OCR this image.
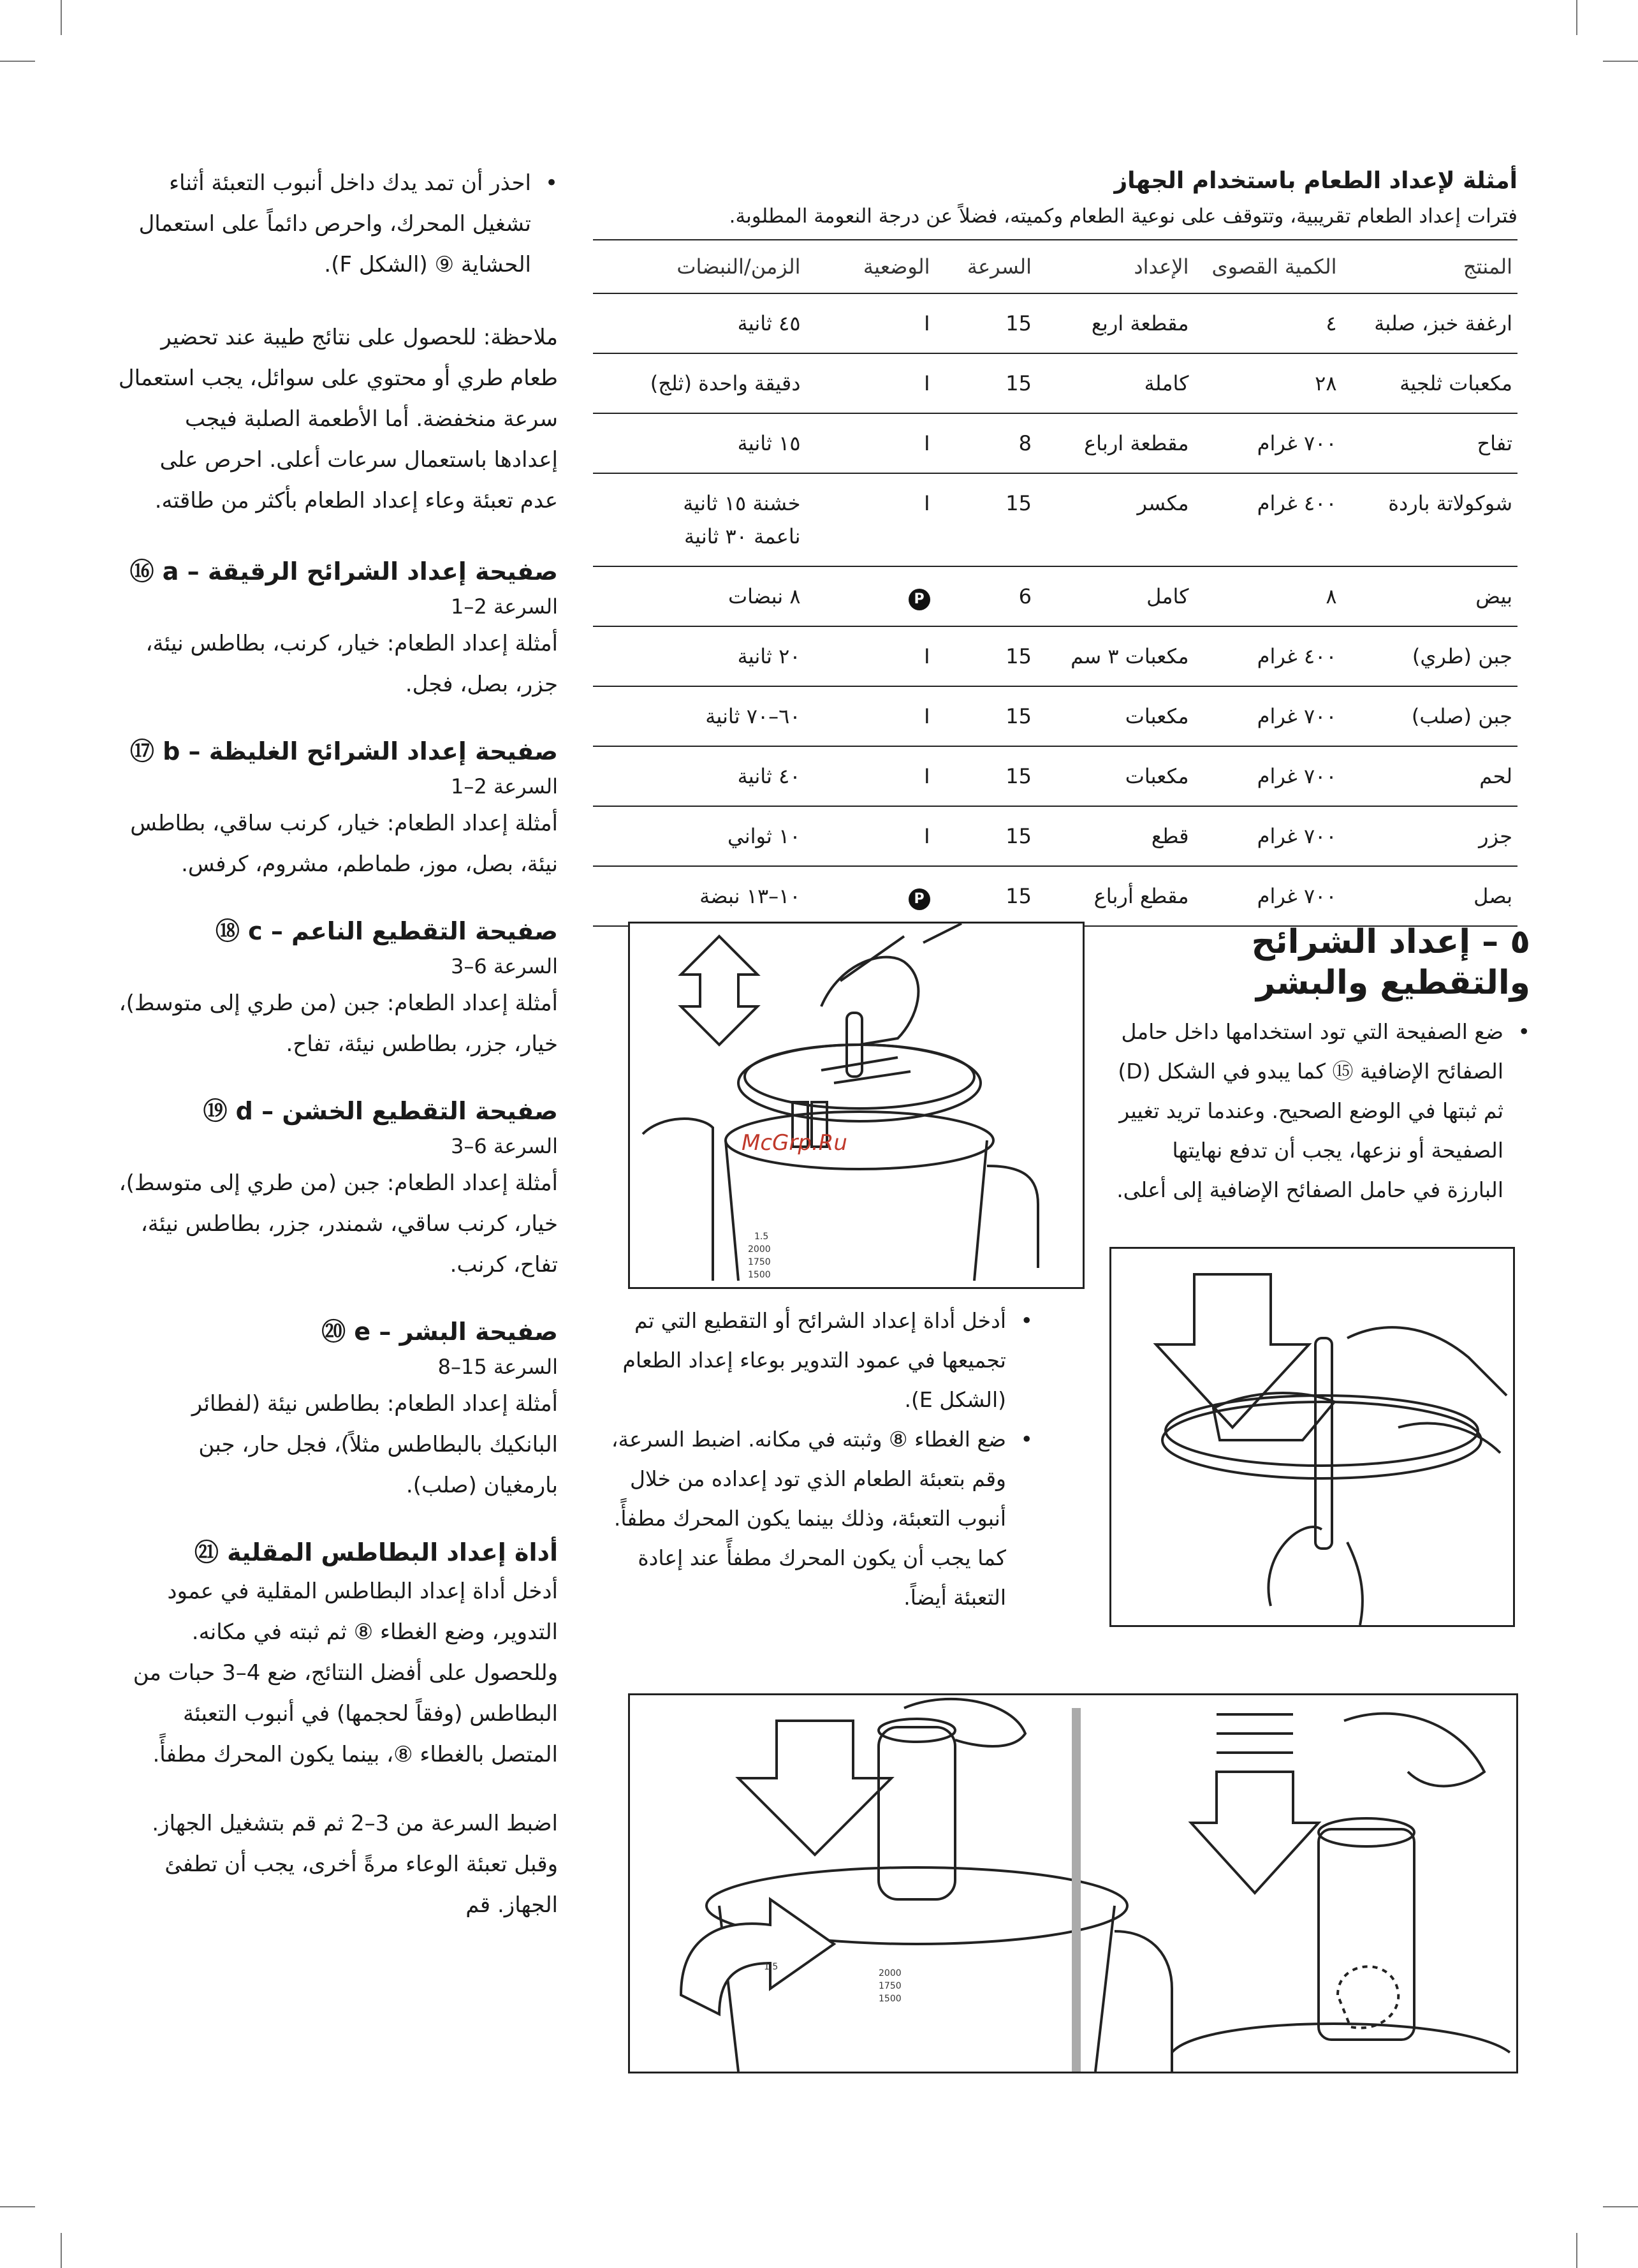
• احذر أن تمد يدك داخل أنبوب التعبئة أثناء تشغيل المحرك، واحرص دائماً على استعمال الحشاية ⑨ (الشكل F).

ملاحظة: للحصول على نتائج طيبة عند تحضير طعام طري أو محتوي على سوائل، يجب استعمال سرعة منخفضة. أما الأطعمة الصلبة فيجب إعدادها باستعمال سرعات أعلى. احرص على عدم تعبئة وعاء إعداد الطعام بأكثر من طاقته.

صفيحة إعداد الشرائح الرقيقة – a ⑯

السرعة 2–1

أمثلة إعداد الطعام: خيار، كرنب، بطاطس نيئة، جزر، بصل، فجل.

صفيحة إعداد الشرائح الغليظة – b ⑰

السرعة 2–1

أمثلة إعداد الطعام: خيار، كرنب ساقي، بطاطس نيئة، بصل، موز، طماطم، مشروم، كرفس.

صفيحة التقطيع الناعم – c ⑱

السرعة 6–3

أمثلة إعداد الطعام: جبن (من طري إلى متوسط)، خيار، جزر، بطاطس نيئة، تفاح.

صفيحة التقطيع الخشن – d ⑲

السرعة 6–3

أمثلة إعداد الطعام: جبن (من طري إلى متوسط)، خيار، كرنب ساقي، شمندر، جزر، بطاطس نيئة، تفاح، كرنب.

صفيحة البشر – e ⑳

السرعة 15–8

أمثلة إعداد الطعام: بطاطس نيئة (لفطائر البانكيك بالبطاطس مثلاً)، فجل حار، جبن بارمغيان (صلب).

أداة إعداد البطاطس المقلية ㉑

أدخل أداة إعداد البطاطس المقلية في عمود التدوير، وضع الغطاء ⑧ ثم ثبته في مكانه. وللحصول على أفضل النتائج، ضع 4–3 حبات من البطاطس (وفقاً لحجمها) في أنبوب التعبئة المتصل بالغطاء ⑧، بينما يكون المحرك مطفأً.

اضبط السرعة من 3–2 ثم قم بتشغيل الجهاز. وقبل تعبئة الوعاء مرةً أخرى، يجب أن تطفئ الجهاز. قم

أمثلة لإعداد الطعام باستخدام الجهاز

فترات إعداد الطعام تقريبية، وتتوقف على نوعية الطعام وكميته، فضلاً عن درجة النعومة المطلوبة.

المنتج	الكمية القصوى	الإعداد	السرعة	الوضعية	الزمن/النبضات
ارغفة خبز، صلبة	٤	مقطعة اربع	15	I	٤٥ ثانية
مكعبات ثلجية	٢٨	كاملة	15	I	دقيقة واحدة (ثلج)
تفاح	٧٠٠ غرام	مقطعة ارباع	8	I	١٥ ثانية
شوكولاتة باردة	٤٠٠ غرام	مكسر	15	I	خشنة ١٥ ثانية
ناعمة ٣٠ ثانية

بيض	٨	كامل	6	P	٨ نبضات
جبن (طري)	٤٠٠ غرام	مكعبات ٣ سم	15	I	٢٠ ثانية
جبن (صلب)	٧٠٠ غرام	مكعبات	15	I	٦٠–٧٠ ثانية
لحم	٧٠٠ غرام	مكعبات	15	I	٤٠ ثانية
جزر	٧٠٠ غرام	قطع	15	I	١٠ ثواني
بصل	٧٠٠ غرام	مقطع أرباع	15	P	١٠–١٣ نبضة
1.5
2000
1750
1500
McGrp.Ru

٥ – إعداد الشرائح والتقطيع والبشر

• ضع الصفيحة التي تود استخدامها داخل حامل الصفائح الإضافية ⑮ كما يبدو في الشكل (D) ثم ثبتها في الوضع الصحيح. وعندما تريد تغيير الصفيحة أو نزعها، يجب أن تدفع نهايتها البارزة في حامل الصفائح الإضافية إلى أعلى.

• أدخل أداة إعداد الشرائح أو التقطيع التي تم تجميعها في عمود التدوير بوعاء إعداد الطعام (الشكل E).

• ضع الغطاء ⑧ وثبته في مكانه. اضبط السرعة، وقم بتعبئة الطعام الذي تود إعداده من خلال أنبوب التعبئة، وذلك بينما يكون المحرك مطفأً. كما يجب أن يكون المحرك مطفأً عند إعادة التعبئة أيضاً.

1.5
2000
1750
1500
